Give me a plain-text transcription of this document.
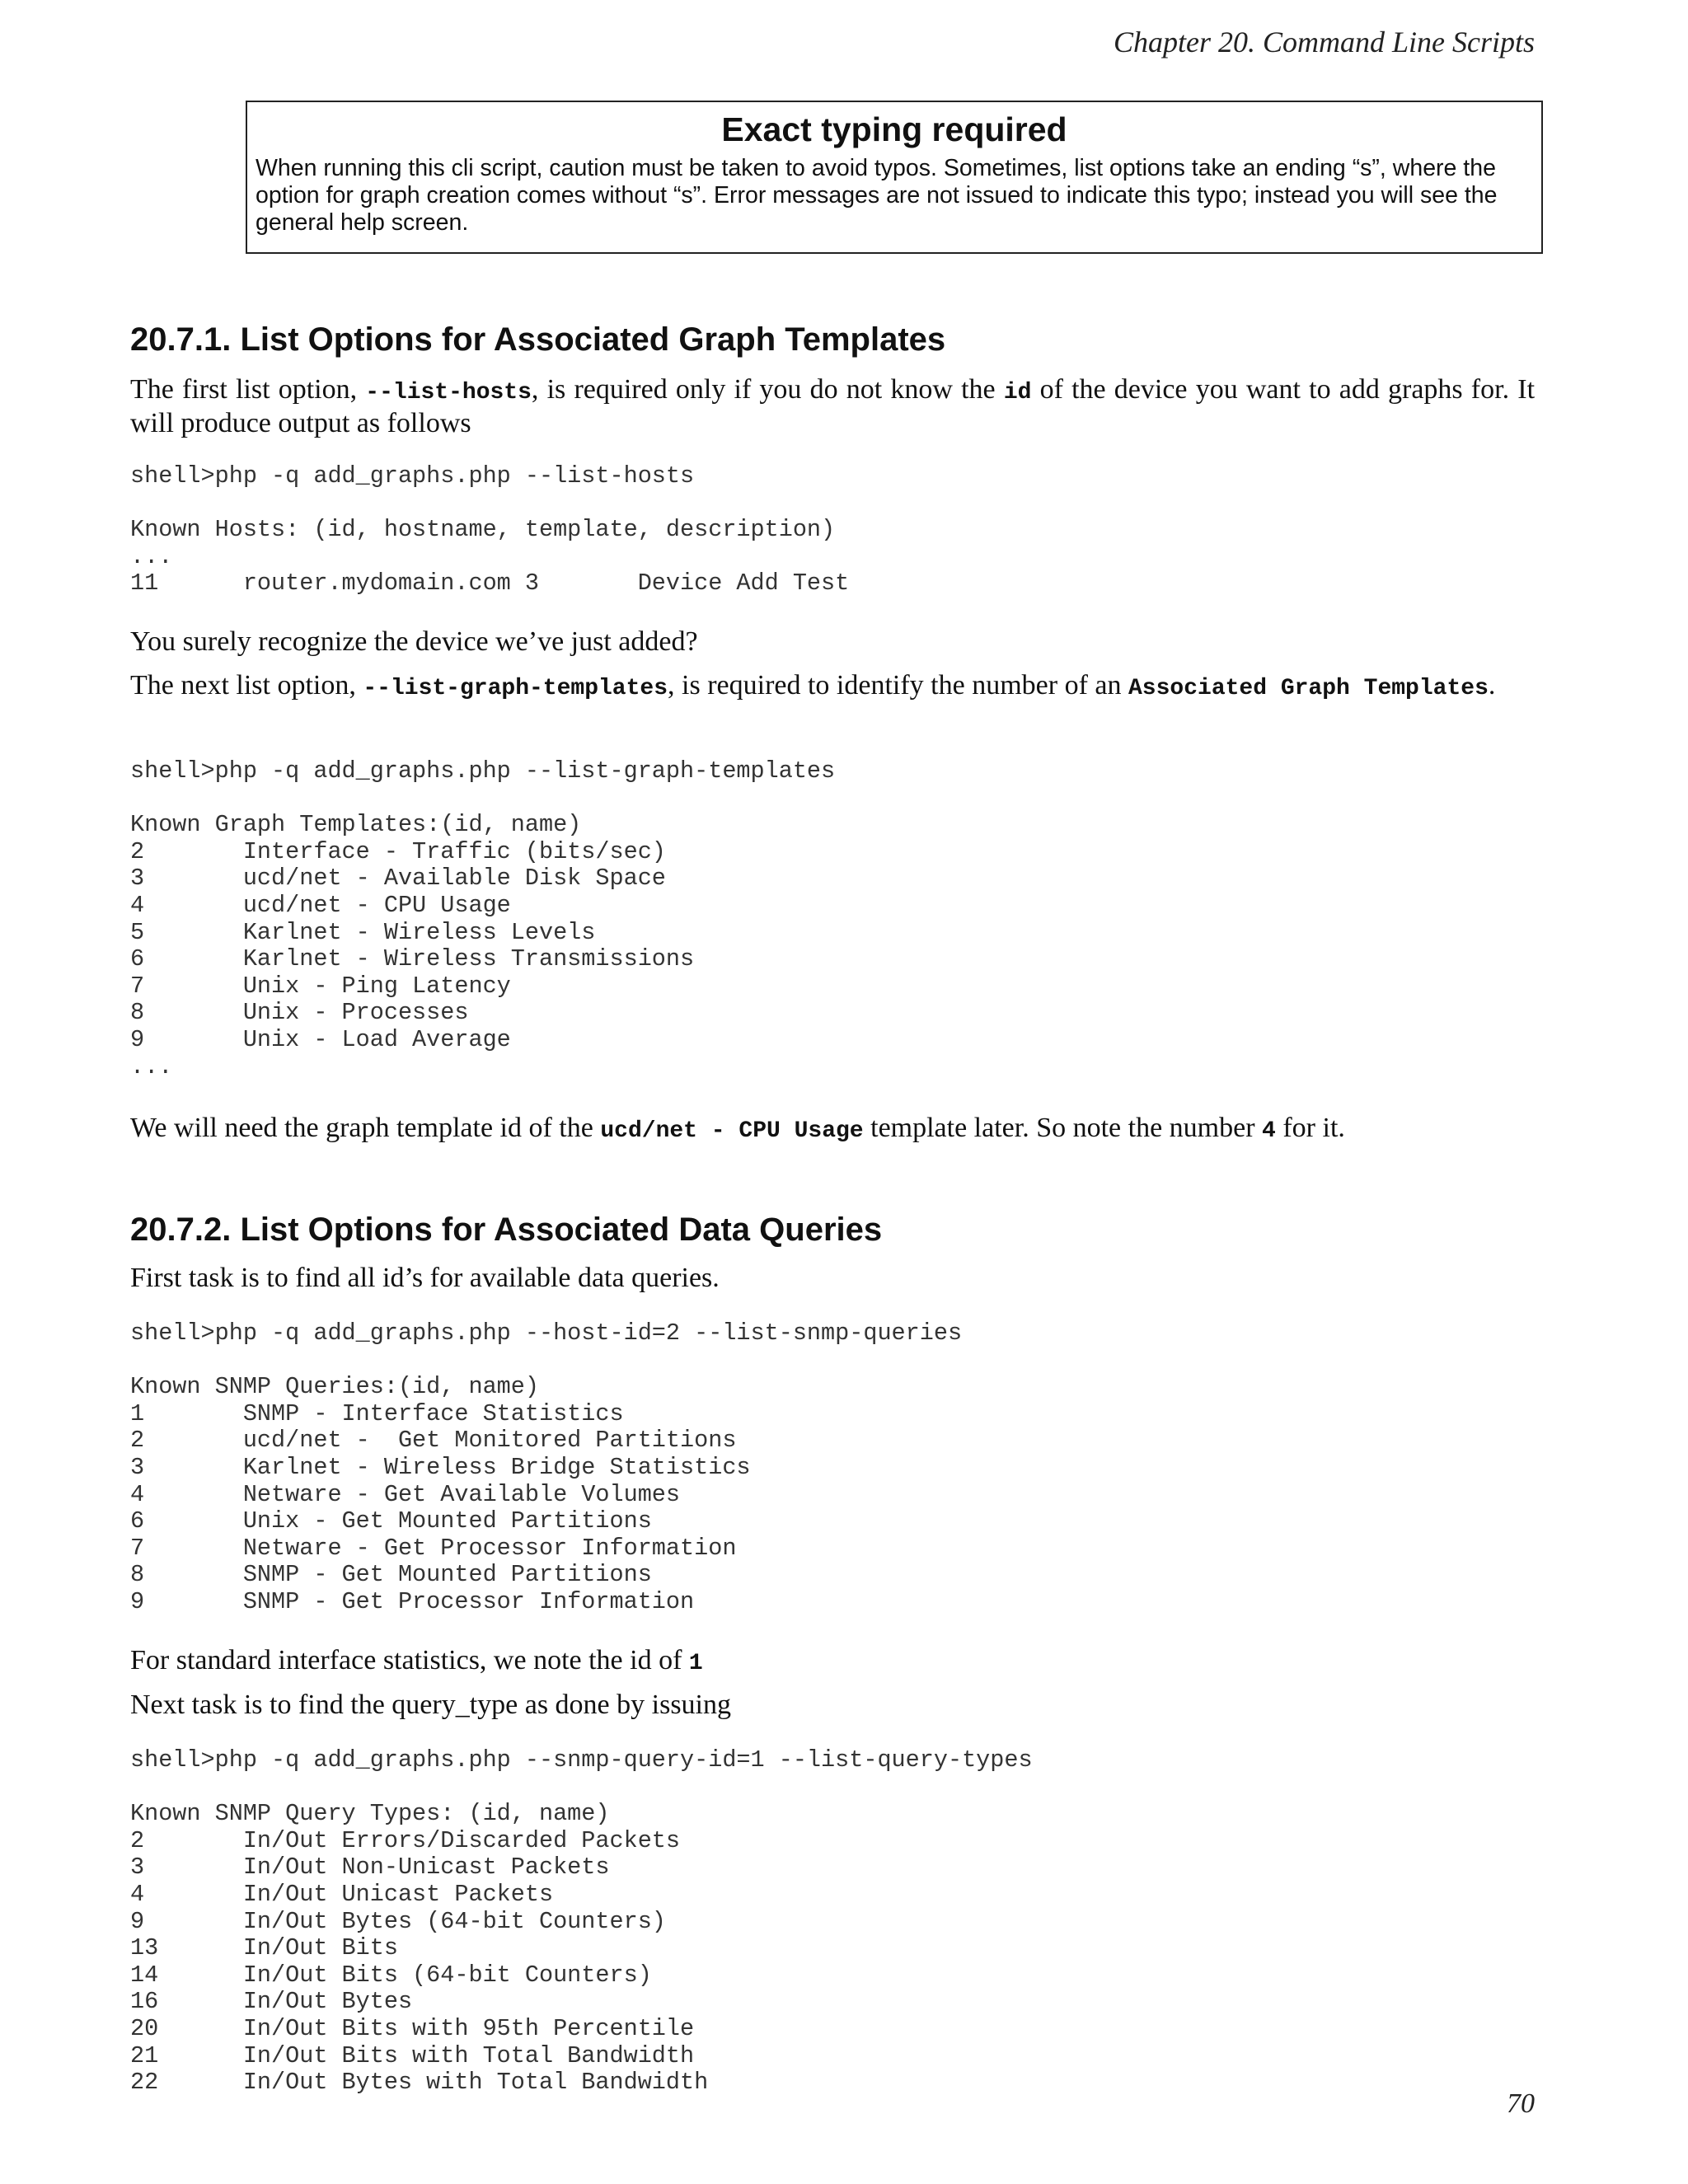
Chapter 20. Command Line Scripts
Exact typing required
When running this cli script, caution must be taken to avoid typos. Sometimes, list options take an ending “s”, where the option for graph creation comes without “s”. Error messages are not issued to indicate this typo; instead you will see the general help screen.
20.7.1. List Options for Associated Graph Templates

The first list option, --list-hosts, is required only if you do not know the id of the device you want to add graphs for. It will produce output as follows

shell>php -q add_graphs.php --list-hosts

Known Hosts: (id, hostname, template, description)
...
11      router.mydomain.com 3       Device Add Test

You surely recognize the device we’ve just added?

The next list option, --list-graph-templates, is required to identify the number of an Associated Graph Templates.

shell>php -q add_graphs.php --list-graph-templates

Known Graph Templates:(id, name)
2       Interface - Traffic (bits/sec)
3       ucd/net - Available Disk Space
4       ucd/net - CPU Usage
5       Karlnet - Wireless Levels
6       Karlnet - Wireless Transmissions
7       Unix - Ping Latency
8       Unix - Processes
9       Unix - Load Average
...

We will need the graph template id of the ucd/net - CPU Usage template later. So note the number 4 for it.

20.7.2. List Options for Associated Data Queries

First task is to find all id’s for available data queries.

shell>php -q add_graphs.php --host-id=2 --list-snmp-queries

Known SNMP Queries:(id, name)
1       SNMP - Interface Statistics
2       ucd/net -  Get Monitored Partitions
3       Karlnet - Wireless Bridge Statistics
4       Netware - Get Available Volumes
6       Unix - Get Mounted Partitions
7       Netware - Get Processor Information
8       SNMP - Get Mounted Partitions
9       SNMP - Get Processor Information

For standard interface statistics, we note the id of 1

Next task is to find the query_type as done by issuing

shell>php -q add_graphs.php --snmp-query-id=1 --list-query-types

Known SNMP Query Types: (id, name)
2       In/Out Errors/Discarded Packets
3       In/Out Non-Unicast Packets
4       In/Out Unicast Packets
9       In/Out Bytes (64-bit Counters)
13      In/Out Bits
14      In/Out Bits (64-bit Counters)
16      In/Out Bytes
20      In/Out Bits with 95th Percentile
21      In/Out Bits with Total Bandwidth
22      In/Out Bytes with Total Bandwidth
70
